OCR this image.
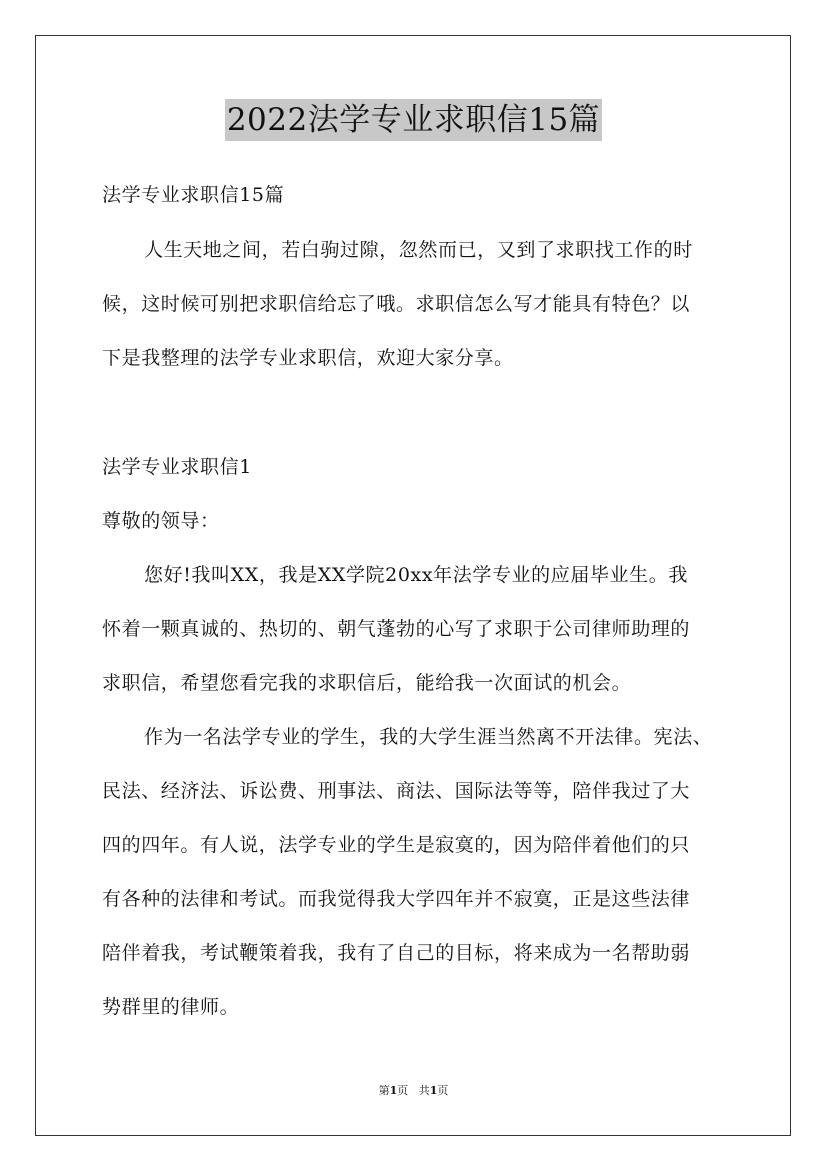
2022法学专业求职信15篇
法学专业求职信15篇
人生天地之间，若白驹过隙，忽然而已，又到了求职找工作的时
候，这时候可别把求职信给忘了哦。求职信怎么写才能具有特色？以
下是我整理的法学专业求职信，欢迎大家分享。
法学专业求职信1
尊敬的领导：
您好!我叫XX，我是XX学院20xx年法学专业的应届毕业生。我
怀着一颗真诚的、热切的、朝气蓬勃的心写了求职于公司律师助理的
求职信，希望您看完我的求职信后，能给我一次面试的机会。
作为一名法学专业的学生，我的大学生涯当然离不开法律。宪法、
民法、经济法、诉讼费、刑事法、商法、国际法等等，陪伴我过了大
四的四年。有人说，法学专业的学生是寂寞的，因为陪伴着他们的只
有各种的法律和考试。而我觉得我大学四年并不寂寞，正是这些法律
陪伴着我，考试鞭策着我，我有了自己的目标，将来成为一名帮助弱
势群里的律师。
第1页 共1页
